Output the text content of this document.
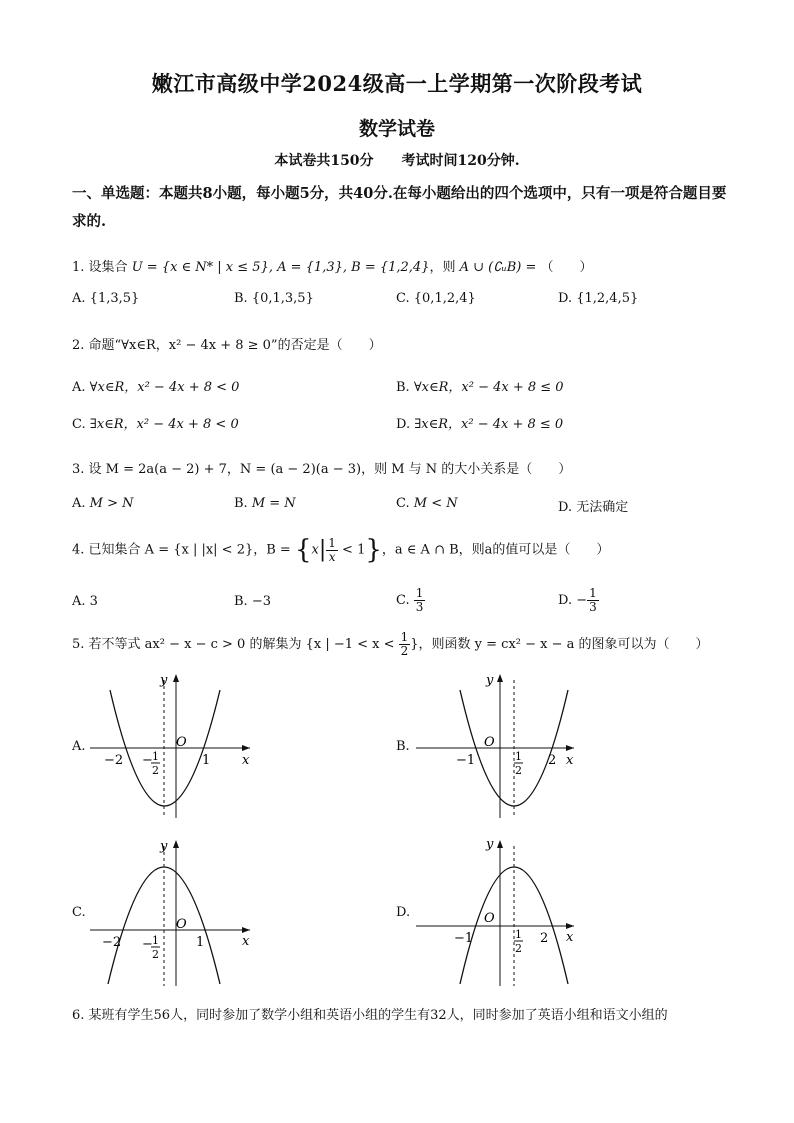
嫩江市高级中学2024级高一上学期第一次阶段考试
数学试卷
本试卷共150分　　考试时间120分钟.
一、单选题：本题共8小题，每小题5分，共40分.在每小题给出的四个选项中，只有一项是符合题目要求的.
1. 设集合 U = {x ∈ N* | x ≤ 5}, A = {1,3}, B = {1,2,4}，则 A ∪ (∁ᵤB) = （　　）
A. {1,3,5}	B. {0,1,3,5}	C. {0,1,2,4}	D. {1,2,4,5}
2. 命题“∀x∈R，x² − 4x + 8 ≥ 0”的否定是（　　）
A. ∀x∈R，x² − 4x + 8 < 0	B. ∀x∈R，x² − 4x + 8 ≤ 0
C. ∃x∈R，x² − 4x + 8 < 0	D. ∃x∈R，x² − 4x + 8 ≤ 0
3. 设 M = 2a(a − 2) + 7，N = (a − 2)(a − 3)，则 M 与 N 的大小关系是（　　）
A. M > N	B. M = N	C. M < N	D. 无法确定
4. 已知集合 A = {x | |x| < 2}，$B = \{x| \frac{1}{x} < 1\}$，a ∈ A ∩ B，则a的值可以是（　　）
A. 3	B. −3	C. $\frac{1}{3}$	D. − $\frac{1}{3}$
5. 若不等式 ax² − x − c > 0 的解集为 {x | $-1 < x < \frac{1}{2}$ }，则函数 y = cx² − x − a 的图象可以为（　　）
A.	B.
C.	D.
y
x
O
−2 − 1
2
1
y
x
O
−1	1
2
2
y
x
O
−2 − 1
2
1
y
x
O
−1	1
2
2
6. 某班有学生56人，同时参加了数学小组和英语小组的学生有32人，同时参加了英语小组和语文小组的
